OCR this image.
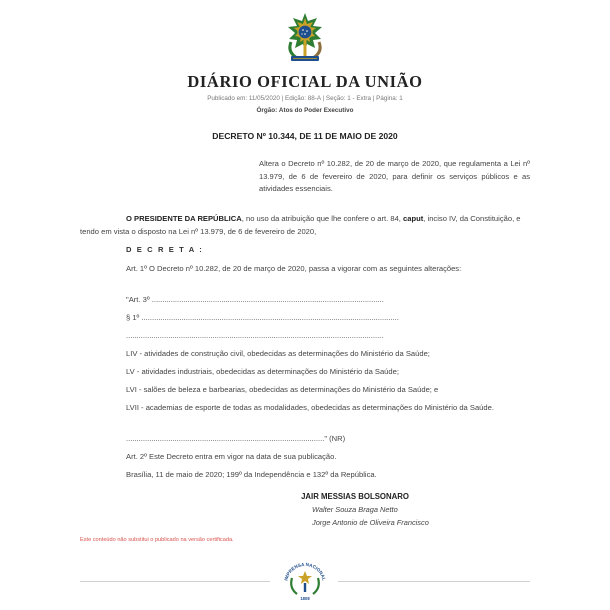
DIÁRIO OFICIAL DA UNIÃO
Publicado em: 11/05/2020 | Edição: 88-A | Seção: 1 - Extra | Página: 1
Órgão: Atos do Poder Executivo
DECRETO Nº 10.344, DE 11 DE MAIO DE 2020
Altera o Decreto nº 10.282, de 20 de março de 2020, que regulamenta a Lei nº 13.979, de 6 de fevereiro de 2020, para definir os serviços públicos e as atividades essenciais.
O PRESIDENTE DA REPÚBLICA, no uso da atribuição que lhe confere o art. 84, caput, inciso IV, da Constituição, e tendo em vista o disposto na Lei nº 13.979, de 6 de fevereiro de 2020,
D E C R E T A :
Art. 1º O Decreto nº 10.282, de 20 de março de 2020, passa a vigorar com as seguintes alterações:
"Art. 3º ..............................................................................................................
§ 1º ..........................................................................................................................
..........................................................................................................................
LIV - atividades de construção civil, obedecidas as determinações do Ministério da Saúde;
LV - atividades industriais, obedecidas as determinações do Ministério da Saúde;
LVI - salões de beleza e barbearias, obedecidas as determinações do Ministério da Saúde; e
LVII - academias de esporte de todas as modalidades, obedecidas as determinações do Ministério da Saúde.
.............................................................................................." (NR)
Art. 2º Este Decreto entra em vigor na data de sua publicação.
Brasília, 11 de maio de 2020; 199º da Independência e 132º da República.
JAIR MESSIAS BOLSONARO
Walter Souza Braga Netto
Jorge Antonio de Oliveira Francisco
Este conteúdo não substitui o publicado na versão certificada.
IMPRENSA NACIONAL
1808
